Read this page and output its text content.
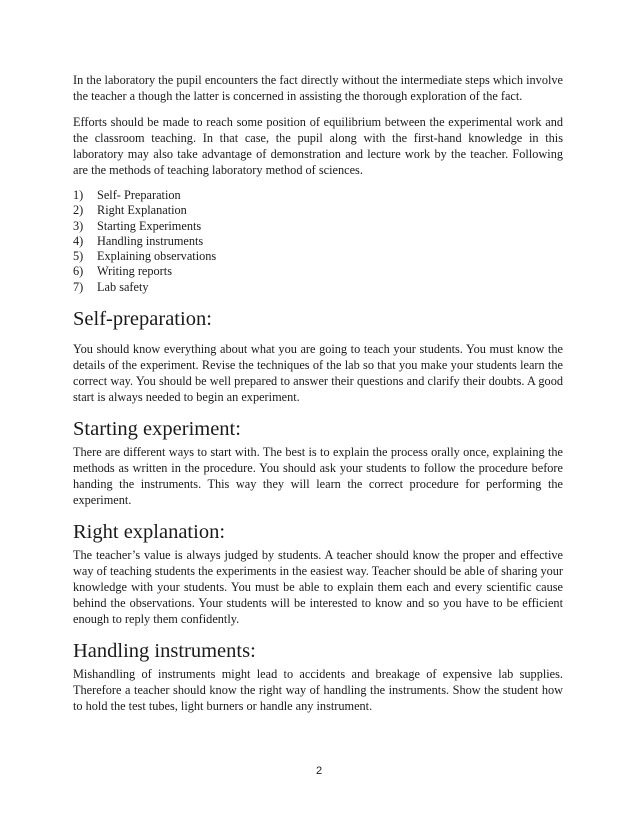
In the laboratory the pupil encounters the fact directly without the intermediate steps which involve the teacher a though the latter is concerned in assisting the thorough exploration of the fact.

Efforts should be made to reach some position of equilibrium between the experimental work and the classroom teaching. In that case, the pupil along with the first-hand knowledge in this laboratory may also take advantage of demonstration and lecture work by the teacher. Following are the methods of teaching laboratory method of sciences.

1) Self- Preparation
2) Right Explanation
3) Starting Experiments
4) Handling instruments
5) Explaining observations
6) Writing reports
7) Lab safety
Self-preparation:

You should know everything about what you are going to teach your students. You must know the details of the experiment. Revise the techniques of the lab so that you make your students learn the correct way. You should be well prepared to answer their questions and clarify their doubts. A good start is always needed to begin an experiment.

Starting experiment:

There are different ways to start with. The best is to explain the process orally once, explaining the methods as written in the procedure. You should ask your students to follow the procedure before handing the instruments. This way they will learn the correct procedure for performing the experiment.

Right explanation:

The teacher’s value is always judged by students. A teacher should know the proper and effective way of teaching students the experiments in the easiest way. Teacher should be able of sharing your knowledge with your students. You must be able to explain them each and every scientific cause behind the observations. Your students will be interested to know and so you have to be efficient enough to reply them confidently.

Handling instruments:

Mishandling of instruments might lead to accidents and breakage of expensive lab supplies. Therefore a teacher should know the right way of handling the instruments. Show the student how to hold the test tubes, light burners or handle any instrument.

2
